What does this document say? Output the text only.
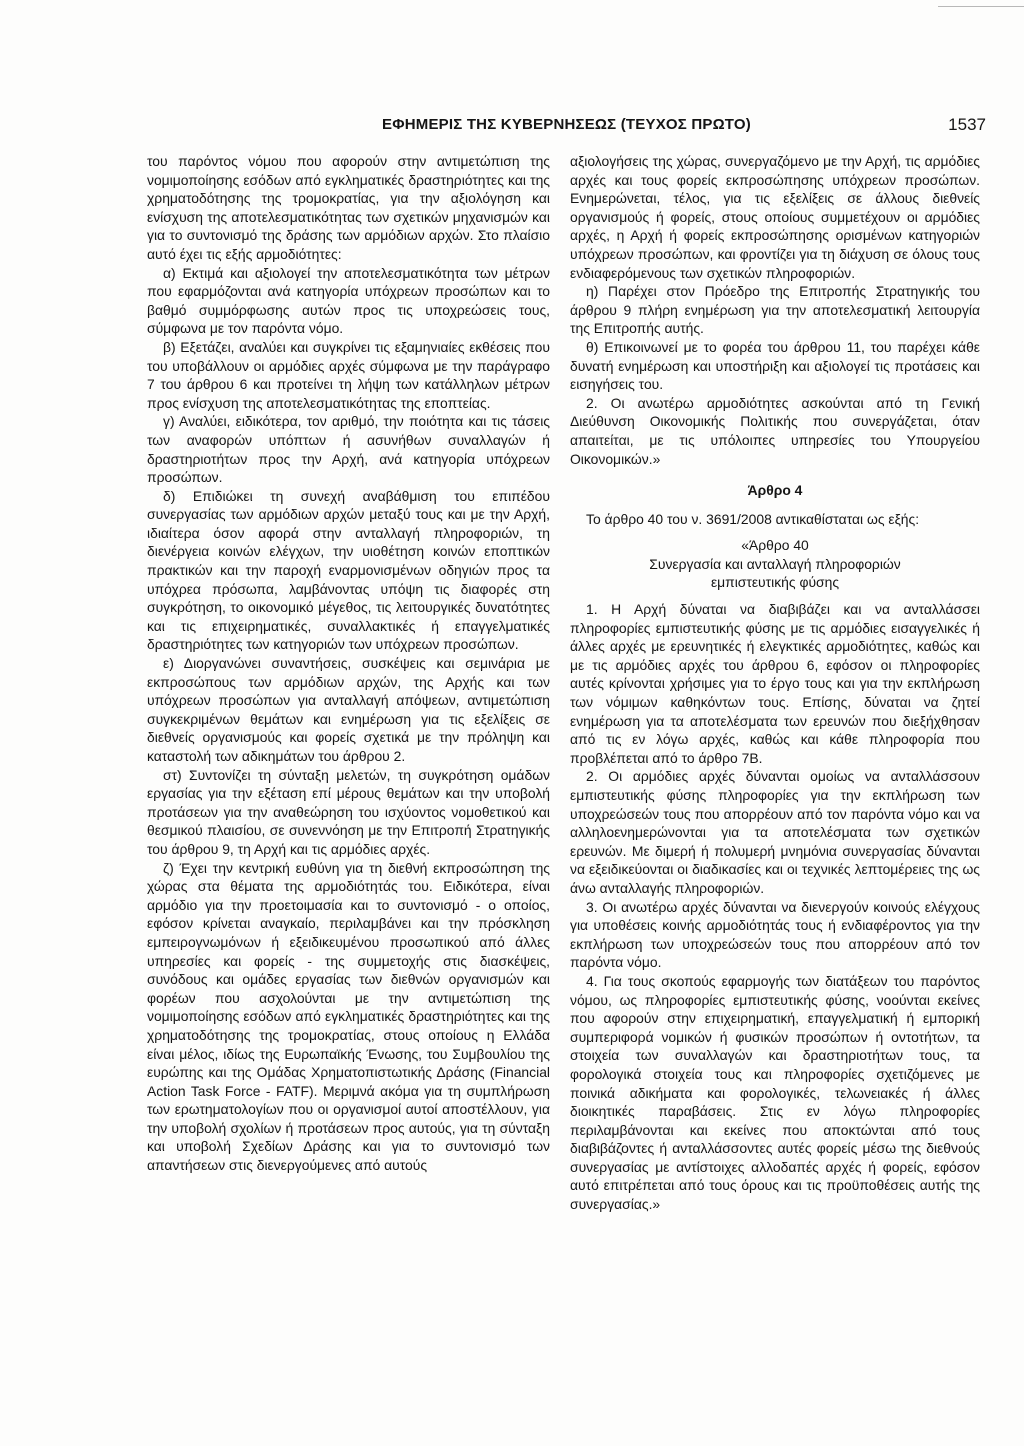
ΕΦΗΜΕΡΙΣ ΤΗΣ ΚΥΒΕΡΝΗΣΕΩΣ (ΤΕΥΧΟΣ ΠΡΩΤΟ)	1537

του παρόντος νόμου που αφορούν στην αντιμετώπιση της νομιμοποίησης εσόδων από εγκληματικές δραστηριότητες και της χρηματοδότησης της τρομοκρατίας, για την αξιολόγηση και ενίσχυση της αποτελεσματικότητας των σχετικών μηχανισμών και για το συντονισμό της δράσης των αρμόδιων αρχών. Στο πλαίσιο αυτό έχει τις εξής αρμοδιότητες:

α) Εκτιμά και αξιολογεί την αποτελεσματικότητα των μέτρων που εφαρμόζονται ανά κατηγορία υπόχρεων προσώπων και το βαθμό συμμόρφωσης αυτών προς τις υποχρεώσεις τους, σύμφωνα με τον παρόντα νόμο.

β) Εξετάζει, αναλύει και συγκρίνει τις εξαμηνιαίες εκθέσεις που του υποβάλλουν οι αρμόδιες αρχές σύμφωνα με την παράγραφο 7 του άρθρου 6 και προτείνει τη λήψη των κατάλληλων μέτρων προς ενίσχυση της αποτελεσματικότητας της εποπτείας.

γ) Αναλύει, ειδικότερα, τον αριθμό, την ποιότητα και τις τάσεις των αναφορών υπόπτων ή ασυνήθων συναλλαγών ή δραστηριοτήτων προς την Αρχή, ανά κατηγορία υπόχρεων προσώπων.

δ) Επιδιώκει τη συνεχή αναβάθμιση του επιπέδου συνεργασίας των αρμόδιων αρχών μεταξύ τους και με την Αρχή, ιδιαίτερα όσον αφορά στην ανταλλαγή πληροφοριών, τη διενέργεια κοινών ελέγχων, την υιοθέτηση κοινών εποπτικών πρακτικών και την παροχή εναρμονισμένων οδηγιών προς τα υπόχρεα πρόσωπα, λαμβάνοντας υπόψη τις διαφορές στη συγκρότηση, το οικονομικό μέγεθος, τις λειτουργικές δυνατότητες και τις επιχειρηματικές, συναλλακτικές ή επαγγελματικές δραστηριότητες των κατηγοριών των υπόχρεων προσώπων.

ε) Διοργανώνει συναντήσεις, συσκέψεις και σεμινάρια με εκπροσώπους των αρμόδιων αρχών, της Αρχής και των υπόχρεων προσώπων για ανταλλαγή απόψεων, αντιμετώπιση συγκεκριμένων θεμάτων και ενημέρωση για τις εξελίξεις σε διεθνείς οργανισμούς και φορείς σχετικά με την πρόληψη και καταστολή των αδικημάτων του άρθρου 2.

στ) Συντονίζει τη σύνταξη μελετών, τη συγκρότηση ομάδων εργασίας για την εξέταση επί μέρους θεμάτων και την υποβολή προτάσεων για την αναθεώρηση του ισχύοντος νομοθετικού και θεσμικού πλαισίου, σε συνεννόηση με την Επιτροπή Στρατηγικής του άρθρου 9, τη Αρχή και τις αρμόδιες αρχές.

ζ) Έχει την κεντρική ευθύνη για τη διεθνή εκπροσώπηση της χώρας στα θέματα της αρμοδιότητάς του. Ειδικότερα, είναι αρμόδιο για την προετοιμασία και το συντονισμό - ο οποίος, εφόσον κρίνεται αναγκαίο, περιλαμβάνει και την πρόσκληση εμπειρογνωμόνων ή εξειδικευμένου προσωπικού από άλλες υπηρεσίες και φορείς - της συμμετοχής στις διασκέψεις, συνόδους και ομάδες εργασίας των διεθνών οργανισμών και φορέων που ασχολούνται με την αντιμετώπιση της νομιμοποίησης εσόδων από εγκληματικές δραστηριότητες και της χρηματοδότησης της τρομοκρατίας, στους οποίους η Ελλάδα είναι μέλος, ιδίως της Ευρωπαϊκής Ένωσης, του Συμβουλίου της ευρώπης και της Ομάδας Χρηματοπιστωτικής Δράσης (Financial Action Task Force - FATF). Μεριμνά ακόμα για τη συμπλήρωση των ερωτηματολογίων που οι οργανισμοί αυτοί αποστέλλουν, για την υποβολή σχολίων ή προτάσεων προς αυτούς, για τη σύνταξη και υποβολή Σχεδίων Δράσης και για το συντονισμό των απαντήσεων στις διενεργούμενες από αυτούς

αξιολογήσεις της χώρας, συνεργαζόμενο με την Αρχή, τις αρμόδιες αρχές και τους φορείς εκπροσώπησης υπόχρεων προσώπων. Ενημερώνεται, τέλος, για τις εξελίξεις σε άλλους διεθνείς οργανισμούς ή φορείς, στους οποίους συμμετέχουν οι αρμόδιες αρχές, η Αρχή ή φορείς εκπροσώπησης ορισμένων κατηγοριών υπόχρεων προσώπων, και φροντίζει για τη διάχυση σε όλους τους ενδιαφερόμενους των σχετικών πληροφοριών.

η) Παρέχει στον Πρόεδρο της Επιτροπής Στρατηγικής του άρθρου 9 πλήρη ενημέρωση για την αποτελεσματική λειτουργία της Επιτροπής αυτής.

θ) Επικοινωνεί με το φορέα του άρθρου 11, του παρέχει κάθε δυνατή ενημέρωση και υποστήριξη και αξιολογεί τις προτάσεις και εισηγήσεις του.

2. Οι ανωτέρω αρμοδιότητες ασκούνται από τη Γενική Διεύθυνση Οικονομικής Πολιτικής που συνεργάζεται, όταν απαιτείται, με τις υπόλοιπες υπηρεσίες του Υπουργείου Οικονομικών.»

Άρθρο 4

Το άρθρο 40 του ν. 3691/2008 αντικαθίσταται ως εξής:

«Άρθρο 40

Συνεργασία και ανταλλαγή πληροφοριών

εμπιστευτικής φύσης

1. Η Αρχή δύναται να διαβιβάζει και να ανταλλάσσει πληροφορίες εμπιστευτικής φύσης με τις αρμόδιες εισαγγελικές ή άλλες αρχές με ερευνητικές ή ελεγκτικές αρμοδιότητες, καθώς και με τις αρμόδιες αρχές του άρθρου 6, εφόσον οι πληροφορίες αυτές κρίνονται χρήσιμες για το έργο τους και για την εκπλήρωση των νόμιμων καθηκόντων τους. Επίσης, δύναται να ζητεί ενημέρωση για τα αποτελέσματα των ερευνών που διεξήχθησαν από τις εν λόγω αρχές, καθώς και κάθε πληροφορία που προβλέπεται από το άρθρο 7Β.

2. Οι αρμόδιες αρχές δύνανται ομοίως να ανταλλάσσουν εμπιστευτικής φύσης πληροφορίες για την εκπλήρωση των υποχρεώσεών τους που απορρέουν από τον παρόντα νόμο και να αλληλοενημερώνονται για τα αποτελέσματα των σχετικών ερευνών. Με διμερή ή πολυμερή μνημόνια συνεργασίας δύνανται να εξειδικεύονται οι διαδικασίες και οι τεχνικές λεπτομέρειες της ως άνω ανταλλαγής πληροφοριών.

3. Οι ανωτέρω αρχές δύνανται να διενεργούν κοινούς ελέγχους για υποθέσεις κοινής αρμοδιότητάς τους ή ενδιαφέροντος για την εκπλήρωση των υποχρεώσεών τους που απορρέουν από τον παρόντα νόμο.

4. Για τους σκοπούς εφαρμογής των διατάξεων του παρόντος νόμου, ως πληροφορίες εμπιστευτικής φύσης, νοούνται εκείνες που αφορούν στην επιχειρηματική, επαγγελματική ή εμπορική συμπεριφορά νομικών ή φυσικών προσώπων ή οντοτήτων, τα στοιχεία των συναλλαγών και δραστηριοτήτων τους, τα φορολογικά στοιχεία τους και πληροφορίες σχετιζόμενες με ποινικά αδικήματα και φορολογικές, τελωνειακές ή άλλες διοικητικές παραβάσεις. Στις εν λόγω πληροφορίες περιλαμβάνονται και εκείνες που αποκτώνται από τους διαβιβάζοντες ή ανταλλάσσοντες αυτές φορείς μέσω της διεθνούς συνεργασίας με αντίστοιχες αλλοδαπές αρχές ή φορείς, εφόσον αυτό επιτρέπεται από τους όρους και τις προϋποθέσεις αυτής της συνεργασίας.»
